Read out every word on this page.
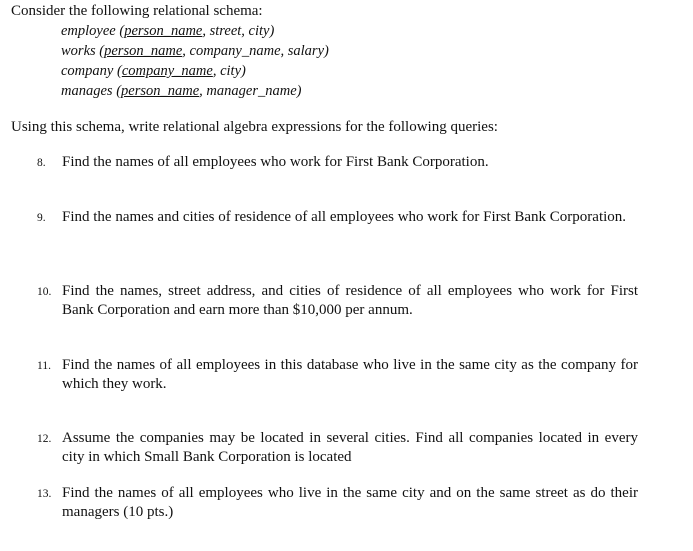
Consider the following relational schema:
employee (person_name, street, city)
works (person_name, company_name, salary)
company (company_name, city)
manages (person_name, manager_name)
Using this schema, write relational algebra expressions for the following queries:
8.	Find the names of all employees who work for First Bank Corporation.
9.	Find the names and cities of residence of all employees who work for First Bank Corporation.
10. Find the names, street address, and cities of residence of all employees who work for First Bank Corporation and earn more than $10,000 per annum.
11. Find the names of all employees in this database who live in the same city as the company for which they work.
12. Assume the companies may be located in several cities. Find all companies located in every city in which Small Bank Corporation is located
13. Find the names of all employees who live in the same city and on the same street as do their managers (10 pts.)
